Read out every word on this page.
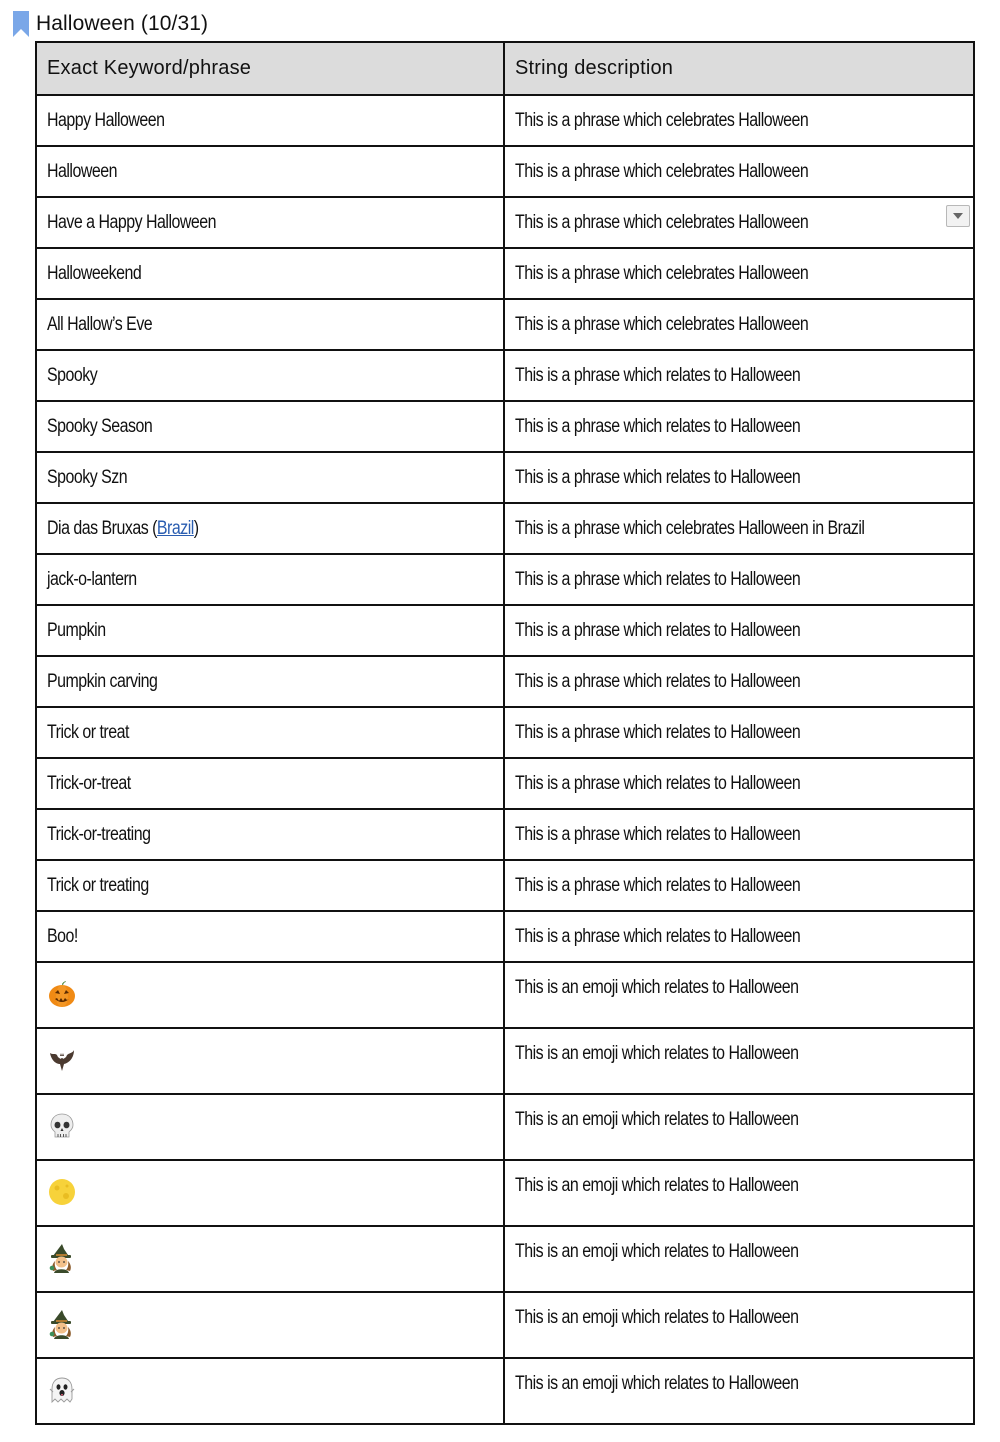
Halloween (10/31)
Exact Keyword/phrase	String description
Happy Halloween	This is a phrase which celebrates Halloween
Halloween	This is a phrase which celebrates Halloween
Have a Happy Halloween	This is a phrase which celebrates Halloween

Halloweekend	This is a phrase which celebrates Halloween
All Hallow’s Eve	This is a phrase which celebrates Halloween
Spooky	This is a phrase which relates to Halloween
Spooky Season	This is a phrase which relates to Halloween
Spooky Szn	This is a phrase which relates to Halloween
Dia das Bruxas (Brazil)	This is a phrase which celebrates Halloween in Brazil
jack-o-lantern	This is a phrase which relates to Halloween
Pumpkin	This is a phrase which relates to Halloween
Pumpkin carving	This is a phrase which relates to Halloween
Trick or treat	This is a phrase which relates to Halloween
Trick-or-treat	This is a phrase which relates to Halloween
Trick-or-treating	This is a phrase which relates to Halloween
Trick or treating	This is a phrase which relates to Halloween
Boo!	This is a phrase which relates to Halloween

	This is an emoji which relates to Halloween

	This is an emoji which relates to Halloween

	This is an emoji which relates to Halloween

	This is an emoji which relates to Halloween

	This is an emoji which relates to Halloween

	This is an emoji which relates to Halloween

	This is an emoji which relates to Halloween
